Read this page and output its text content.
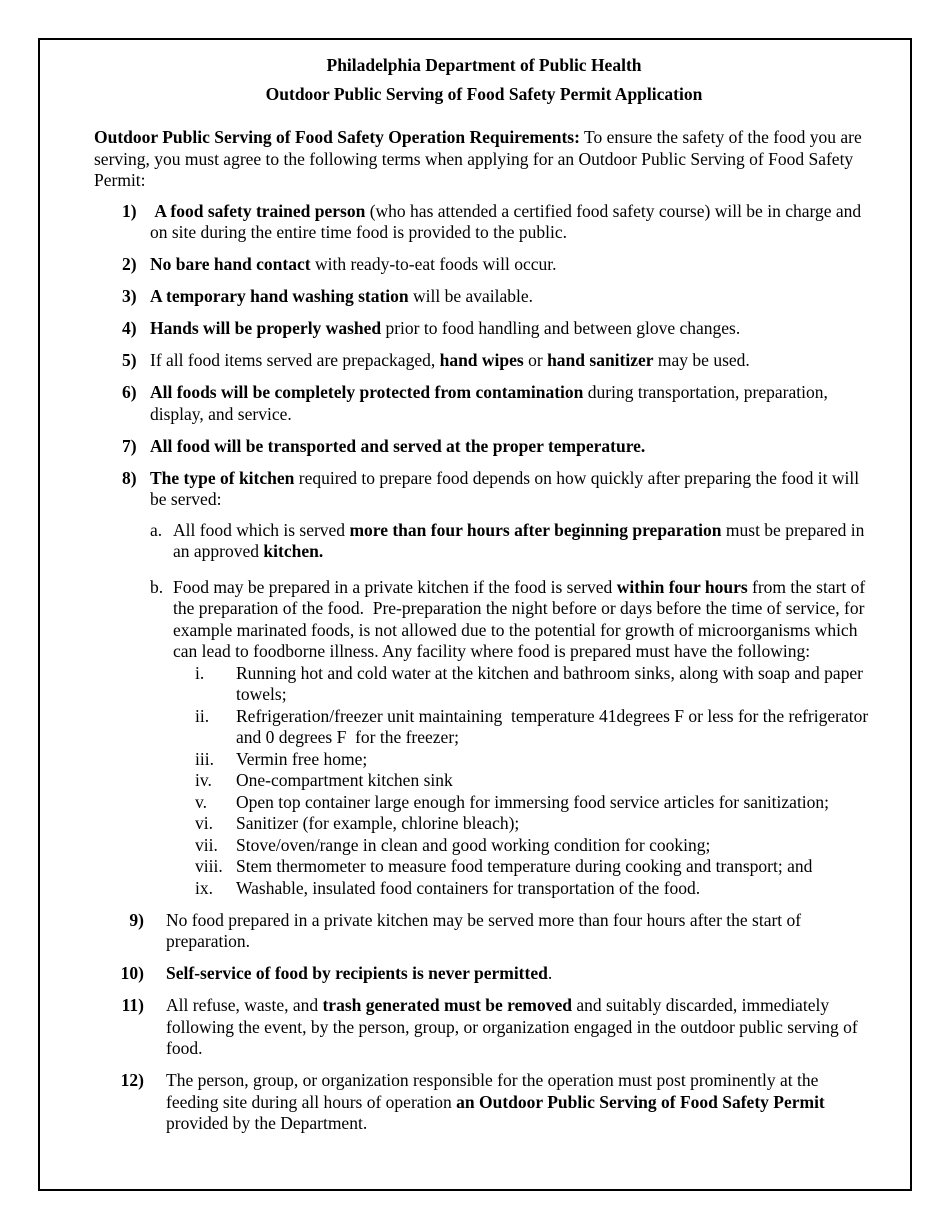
Philadelphia Department of Public Health
Outdoor Public Serving of Food Safety Permit Application

Outdoor Public Serving of Food Safety Operation Requirements: To ensure the safety of the food you are serving, you must agree to the following terms when applying for an Outdoor Public Serving of Food Safety Permit:

1) A food safety trained person (who has attended a certified food safety course) will be in charge and on site during the entire time food is provided to the public.
2) No bare hand contact with ready-to-eat foods will occur.
3) A temporary hand washing station will be available.
4) Hands will be properly washed prior to food handling and between glove changes.
5) If all food items served are prepackaged, hand wipes or hand sanitizer may be used.
6) All foods will be completely protected from contamination during transportation, preparation, display, and service.
7) All food will be transported and served at the proper temperature.
8) The type of kitchen required to prepare food depends on how quickly after preparing the food it will be served:
a. All food which is served more than four hours after beginning preparation must be prepared in an approved kitchen.
b. Food may be prepared in a private kitchen if the food is served within four hours from the start of the preparation of the food.  Pre-preparation the night before or days before the time of service, for example marinated foods, is not allowed due to the potential for growth of microorganisms which can lead to foodborne illness. Any facility where food is prepared must have the following:
i.	Running hot and cold water at the kitchen and bathroom sinks, along with soap and paper towels;
ii.	Refrigeration/freezer unit maintaining  temperature 41degrees F or less for the refrigerator and 0 degrees F  for the freezer;
iii.	Vermin free home;
iv.	One-compartment kitchen sink
v.	Open top container large enough for immersing food service articles for sanitization;
vi.	Sanitizer (for example, chlorine bleach);
vii.	Stove/oven/range in clean and good working condition for cooking;
viii. Stem thermometer to measure food temperature during cooking and transport; and
ix.	Washable, insulated food containers for transportation of the food.
9)	No food prepared in a private kitchen may be served more than four hours after the start of preparation.
10)	Self-service of food by recipients is never permitted.
11)	All refuse, waste, and trash generated must be removed and suitably discarded, immediately following the event, by the person, group, or organization engaged in the outdoor public serving of food.
12)	The person, group, or organization responsible for the operation must post prominently at the feeding site during all hours of operation an Outdoor Public Serving of Food Safety Permit provided by the Department.
